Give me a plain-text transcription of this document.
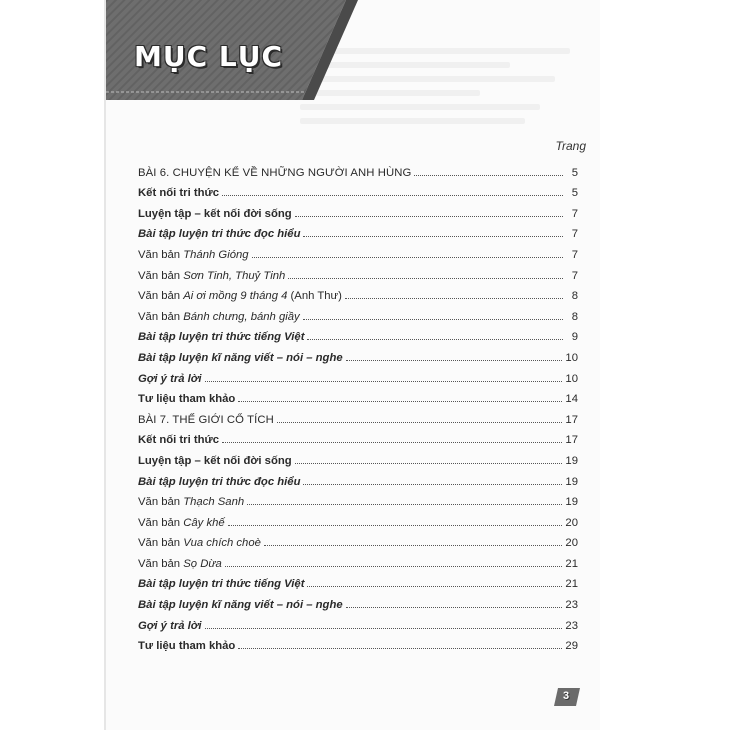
MỤC LỤC
Trang
BÀI 6. CHUYỆN KỂ VỀ NHỮNG NGƯỜI ANH HÙNG	5
Kết nối tri thức	5
Luyện tập – kết nối đời sống	7
Bài tập luyện tri thức đọc hiểu	7
Văn bản Thánh Gióng	7
Văn bản Sơn Tinh, Thuỷ Tinh	7
Văn bản Ai ơi mồng 9 tháng 4 (Anh Thư)	8
Văn bản Bánh chưng, bánh giầy	8
Bài tập luyện tri thức tiếng Việt	9
Bài tập luyện kĩ năng viết – nói – nghe	10
Gợi ý trả lời	10
Tư liệu tham khảo	14
BÀI 7. THẾ GIỚI CỔ TÍCH	17
Kết nối tri thức	17
Luyện tập – kết nối đời sống	19
Bài tập luyện tri thức đọc hiểu	19
Văn bản Thạch Sanh	19
Văn bản Cây khế	20
Văn bản Vua chích choè	20
Văn bản Sọ Dừa	21
Bài tập luyện tri thức tiếng Việt	21
Bài tập luyện kĩ năng viết – nói – nghe	23
Gợi ý trả lời	23
Tư liệu tham khảo	29
3
